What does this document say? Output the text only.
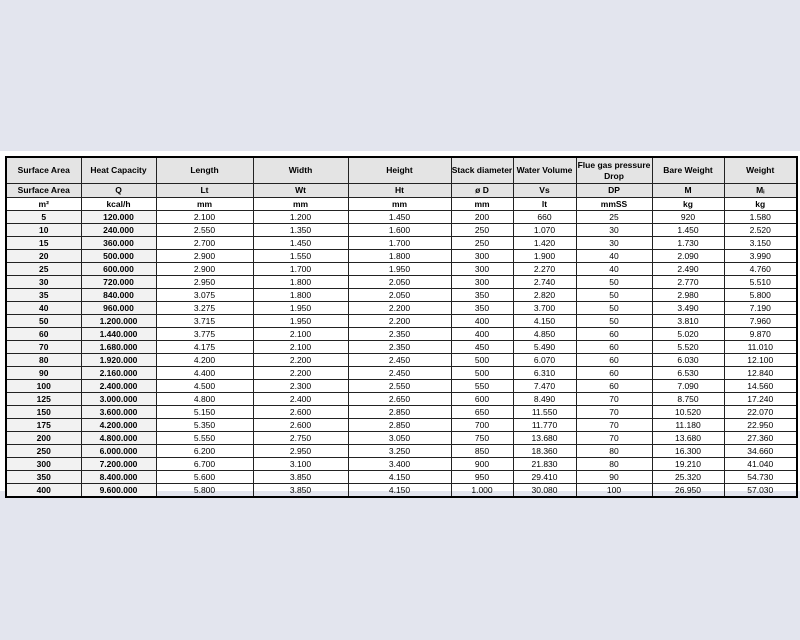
Surface Area	Heat Capacity	Length	Width	Height	Stack diameter	Water Volume	Flue gas pressure Drop	Bare Weight	Weight
Surface Area	Q	Lt	Wt	Ht	ø D	Vs	DP	M	Mᵢ
m²	kcal/h	mm	mm	mm	mm	lt	mmSS	kg	kg
5	120.000	2.100	1.200	1.450	200	660	25	920	1.580
10	240.000	2.550	1.350	1.600	250	1.070	30	1.450	2.520
15	360.000	2.700	1.450	1.700	250	1.420	30	1.730	3.150
20	500.000	2.900	1.550	1.800	300	1.900	40	2.090	3.990
25	600.000	2.900	1.700	1.950	300	2.270	40	2.490	4.760
30	720.000	2.950	1.800	2.050	300	2.740	50	2.770	5.510
35	840.000	3.075	1.800	2.050	350	2.820	50	2.980	5.800
40	960.000	3.275	1.950	2.200	350	3.700	50	3.490	7.190
50	1.200.000	3.715	1.950	2.200	400	4.150	50	3.810	7.960
60	1.440.000	3.775	2.100	2.350	400	4.850	60	5.020	9.870
70	1.680.000	4.175	2.100	2.350	450	5.490	60	5.520	11.010
80	1.920.000	4.200	2.200	2.450	500	6.070	60	6.030	12.100
90	2.160.000	4.400	2.200	2.450	500	6.310	60	6.530	12.840
100	2.400.000	4.500	2.300	2.550	550	7.470	60	7.090	14.560
125	3.000.000	4.800	2.400	2.650	600	8.490	70	8.750	17.240
150	3.600.000	5.150	2.600	2.850	650	11.550	70	10.520	22.070
175	4.200.000	5.350	2.600	2.850	700	11.770	70	11.180	22.950
200	4.800.000	5.550	2.750	3.050	750	13.680	70	13.680	27.360
250	6.000.000	6.200	2.950	3.250	850	18.360	80	16.300	34.660
300	7.200.000	6.700	3.100	3.400	900	21.830	80	19.210	41.040
350	8.400.000	5.600	3.850	4.150	950	29.410	90	25.320	54.730
400	9.600.000	5.800	3.850	4.150	1.000	30.080	100	26.950	57.030
